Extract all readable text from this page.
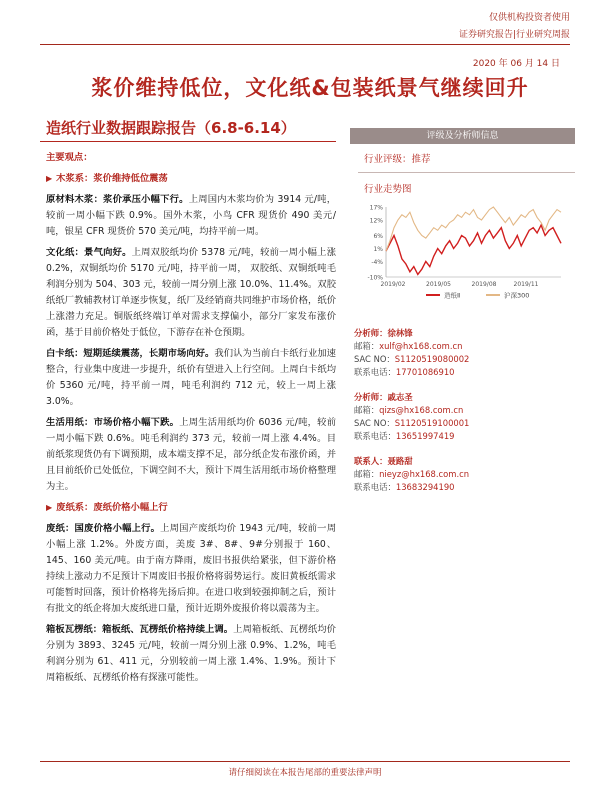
仅供机构投资者使用
证券研究报告|行业研究周报
2020 年 06 月 14 日
浆价维持低位，文化纸&包装纸景气继续回升
造纸行业数据跟踪报告（6.8-6.14）

主要观点：

▶ 木浆系：浆价维持低位震荡

原材料木浆：浆价承压小幅下行。上周国内木浆均价为 3914 元/吨，较前一周小幅下跌 0.9%。国外木浆，小鸟 CFR 现货价 490 美元/吨，银星 CFR 现货价 570 美元/吨，均持平前一周。

文化纸：景气向好。上周双胶纸均价 5378 元/吨，较前一周小幅上涨 0.2%，双铜纸均价 5170 元/吨，持平前一周， 双胶纸、双铜纸吨毛利润分别为 504、303 元，较前一周分别上涨 10.0%、11.4%。双胶纸纸厂教辅教材订单逐步恢复，纸厂及经销商共同维护市场价格，纸价上涨潜力充足。铜版纸终端订单对需求支撑偏小，部分厂家发布涨价函，基于目前价格处于低位，下游存在补仓预期。

白卡纸：短期延续震荡，长期市场向好。我们认为当前白卡纸行业加速整合，行业集中度进一步提升，纸价有望进入上行空间。上周白卡纸均价 5360 元/吨，持平前一周，吨毛利润约 712 元，较上一周上涨 3.0%。

生活用纸：市场价格小幅下跌。上周生活用纸均价 6036 元/吨，较前一周小幅下跌 0.6%。吨毛利润约 373 元，较前一周上涨 4.4%。目前纸浆现货仍有下调预期，成本端支撑不足，部分纸企发布涨价函，并且目前纸价已处低位，下调空间不大，预计下周生活用纸市场价格整理为主。

▶ 废纸系：废纸价格小幅上行

废纸：国废价格小幅上行。上周国产废纸均价 1943 元/吨，较前一周小幅上涨 1.2%。外废方面，美废 3#、8#、9#分别报于 160、145、160 美元/吨。由于南方降雨，废旧书报供给紧张，但下游价格持续上涨动力不足预计下周废旧书报价格将弱势运行。废旧黄板纸需求可能暂时回落，预计价格将先扬后抑。在进口收到较强抑制之后，预计有批文的纸企将加大废纸进口量，预计近期外废报价将以震荡为主。

箱板瓦楞纸：箱板纸、瓦楞纸价格持续上调。上周箱板纸、瓦楞纸均价分别为 3893、3245 元/吨，较前一周分别上涨 0.9%、1.2%，吨毛利润分别为 61、411 元，分别较前一周上涨 1.4%、1.9%。预计下周箱板纸、瓦楞纸价格有探涨可能性。

评级及分析师信息
行业评级：推荐
行业走势图
17%
12%
6%
1%
-4%
-10%
2019/02	2019/05	2019/08	2019/11
造纸Ⅱ	沪深300
分析师：徐林锋
邮箱：xulf@hx168.com.cn
SAC NO：S1120519080002
联系电话：17701086910
分析师：戚志圣
邮箱：qizs@hx168.com.cn
SAC NO：S1120519100001
联系电话：13651997419
联系人：聂路甜
邮箱：nieyz@hx168.com.cn
联系电话：13683294190
请仔细阅读在本报告尾部的重要法律声明
